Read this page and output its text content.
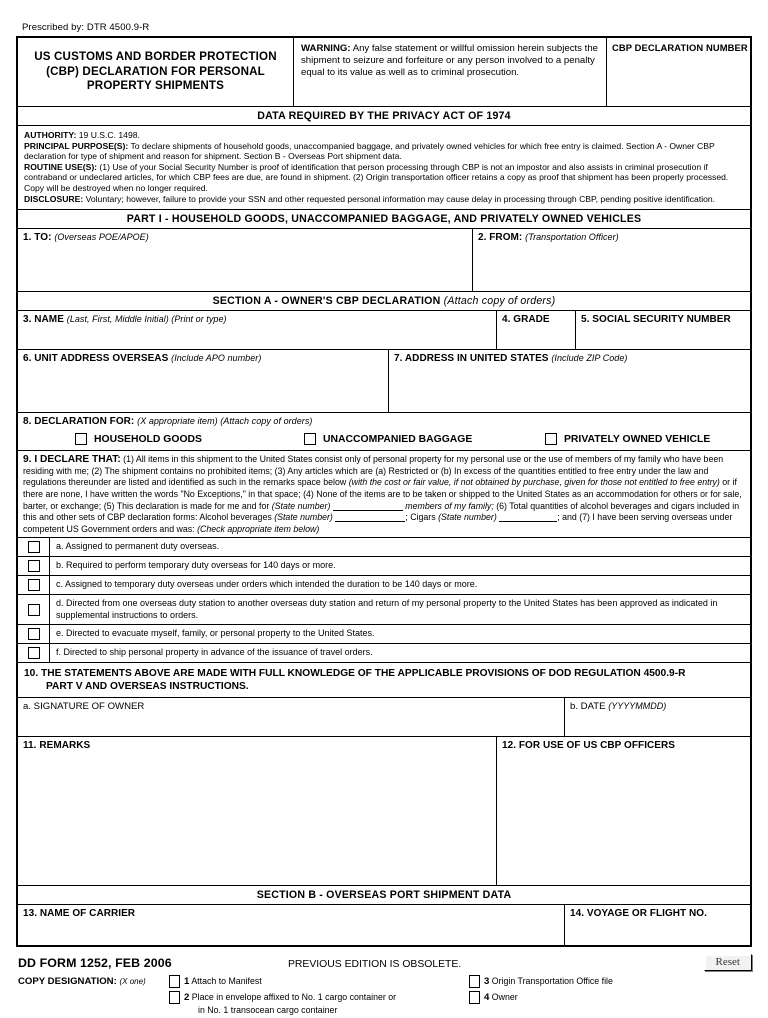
Prescribed by: DTR 4500.9-R
US CUSTOMS AND BORDER PROTECTION (CBP) DECLARATION FOR PERSONAL PROPERTY SHIPMENTS
WARNING: Any false statement or willful omission herein subjects the shipment to seizure and forfeiture or any person involved to a penalty equal to its value as well as to criminal prosecution.
CBP DECLARATION NUMBER
DATA REQUIRED BY THE PRIVACY ACT OF 1974

AUTHORITY: 19 U.S.C. 1498.

PRINCIPAL PURPOSE(S): To declare shipments of household goods, unaccompanied baggage, and privately owned vehicles for which free entry is claimed. Section A - Owner CBP declaration for type of shipment and reason for shipment. Section B - Overseas Port shipment data.

ROUTINE USE(S): (1) Use of your Social Security Number is proof of identification that person processing through CBP is not an impostor and also assists in criminal prosecution if contraband or undeclared articles, for which CBP fees are due, are found in shipment. (2) Origin transportation officer retains a copy as proof that shipment has been properly processed. Copy will be destroyed when no longer required.

DISCLOSURE: Voluntary; however, failure to provide your SSN and other requested personal information may cause delay in processing through CBP, pending positive identification.

PART I - HOUSEHOLD GOODS, UNACCOMPANIED BAGGAGE, AND PRIVATELY OWNED VEHICLES
1. TO: (Overseas POE/APOE)	2. FROM: (Transportation Officer)
SECTION A - OWNER'S CBP DECLARATION (Attach copy of orders)
3. NAME (Last, First, Middle Initial) (Print or type)	4. GRADE	5. SOCIAL SECURITY NUMBER
6. UNIT ADDRESS OVERSEAS (Include APO number)	7. ADDRESS IN UNITED STATES (Include ZIP Code)
8. DECLARATION FOR: (X appropriate item) (Attach copy of orders)
HOUSEHOLD GOODS	UNACCOMPANIED BAGGAGE	PRIVATELY OWNED VEHICLE
9. I DECLARE THAT: (1) All items in this shipment to the United States consist only of personal property for my personal use or the use of members of my family who have been residing with me; (2) The shipment contains no prohibited items; (3) Any articles which are (a) Restricted or (b) In excess of the quantities entitled to free entry under the law and regulations thereunder are listed and identified as such in the remarks space below (with the cost or fair value, if not obtained by purchase, given for those not entitled to free entry) or if there are none, I have written the words "No Exceptions," in that space; (4) None of the items are to be taken or shipped to the United States as an accommodation for others or for sale, barter, or exchange; (5) This declaration is made for me and for (State number)	members of my family; (6) Total quantities of alcohol beverages and cigars included in this and other sets of CBP declaration forms: Alcohol beverages (State number)	; Cigars (State number)	; and (7) I have been serving overseas under competent US Government orders and was: (Check appropriate item below)
a. Assigned to permanent duty overseas.
b. Required to perform temporary duty overseas for 140 days or more.
c. Assigned to temporary duty overseas under orders which intended the duration to be 140 days or more.
d. Directed from one overseas duty station to another overseas duty station and return of my personal property to the United States has been approved as indicated in supplemental instructions to orders.
e. Directed to evacuate myself, family, or personal property to the United States.
f. Directed to ship personal property in advance of the issuance of travel orders.
10. THE STATEMENTS ABOVE ARE MADE WITH FULL KNOWLEDGE OF THE APPLICABLE PROVISIONS OF DOD REGULATION 4500.9-R
PART V AND OVERSEAS INSTRUCTIONS.
a. SIGNATURE OF OWNER	b. DATE (YYYYMMDD)
11. REMARKS	12. FOR USE OF US CBP OFFICERS
SECTION B - OVERSEAS PORT SHIPMENT DATA
13. NAME OF CARRIER	14. VOYAGE OR FLIGHT NO.
DD FORM 1252, FEB 2006	PREVIOUS EDITION IS OBSOLETE.	Reset
COPY DESIGNATION: (X one)	1 Attach to Manifest
2 Place in envelope affixed to No. 1 cargo container or
in No. 1 transocean cargo container
3 Origin Transportation Office file
4 Owner
